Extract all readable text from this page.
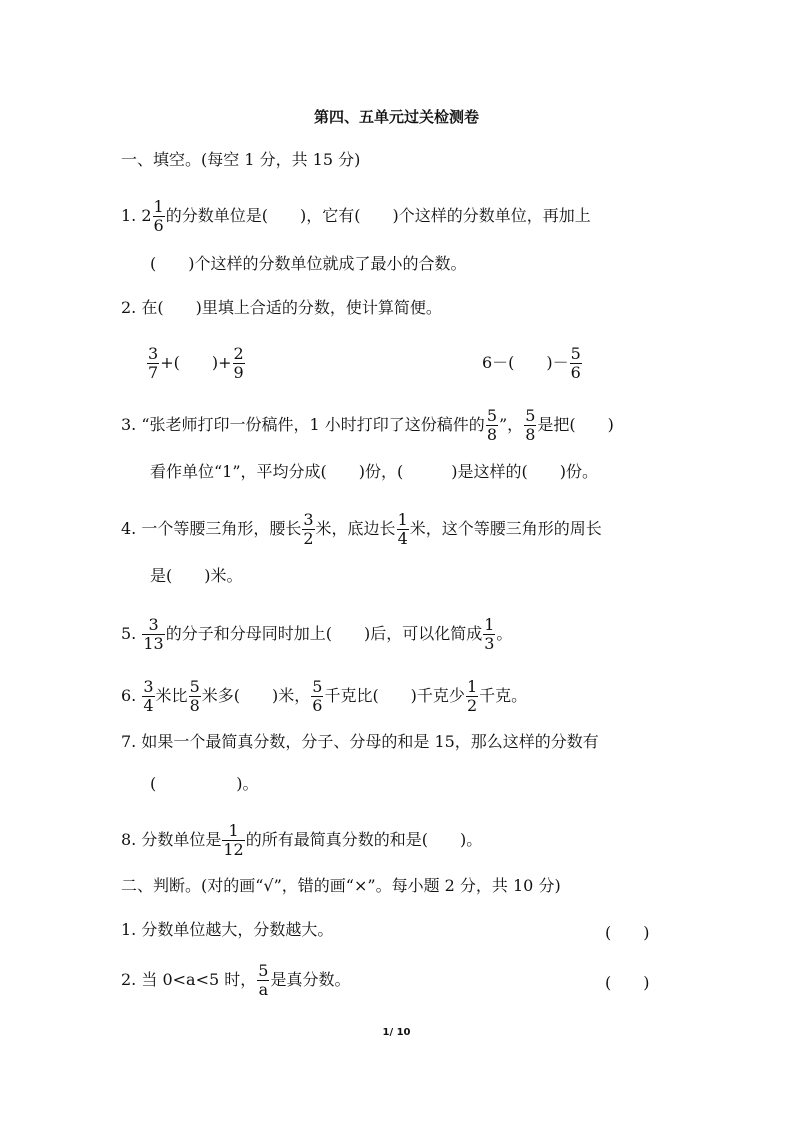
第四、五单元过关检测卷
一、填空。(每空 1 分，共 15 分)
1. $2 \frac{1}{6}$ 的分数单位是(　　)，它有(　　)个这样的分数单位，再加上
(　　)个这样的分数单位就成了最小的合数。
2. 在(　　)里填上合适的分数，使计算简便。
$\frac{3}{7}$ +(　　)+ $\frac{2}{9}$	6－(　　)－ $\frac{5}{6}$
3. “张老师打印一份稿件，1 小时打印了这份稿件的 $\frac{5}{8}$ ”， $\frac{5}{8}$ 是把(　　)
看作单位“1”，平均分成(　　)份，(　　　)是这样的(　　)份。
4. 一个等腰三角形，腰长 $\frac{3}{2}$ 米，底边长 $\frac{1}{4}$ 米，这个等腰三角形的周长
是(　　)米。
5. $\frac{3}{13}$ 的分子和分母同时加上(　　)后，可以化简成 $\frac{1}{3}$ 。
6. $\frac{3}{4}$ 米比 $\frac{5}{8}$ 米多(　　)米， $\frac{5}{6}$ 千克比(　　)千克少 $\frac{1}{2}$ 千克。
7. 如果一个最简真分数，分子、分母的和是 15，那么这样的分数有
(　　　　　)。
8. 分数单位是 $\frac{1}{12}$ 的所有最简真分数的和是(　　)。
二、判断。(对的画“√”，错的画“×”。每小题 2 分，共 10 分)
1. 分数单位越大，分数越大。	(　　)
2. 当 0<a<5 时， $\frac{5}{a}$ 是真分数。	(　　)
1/ 10
